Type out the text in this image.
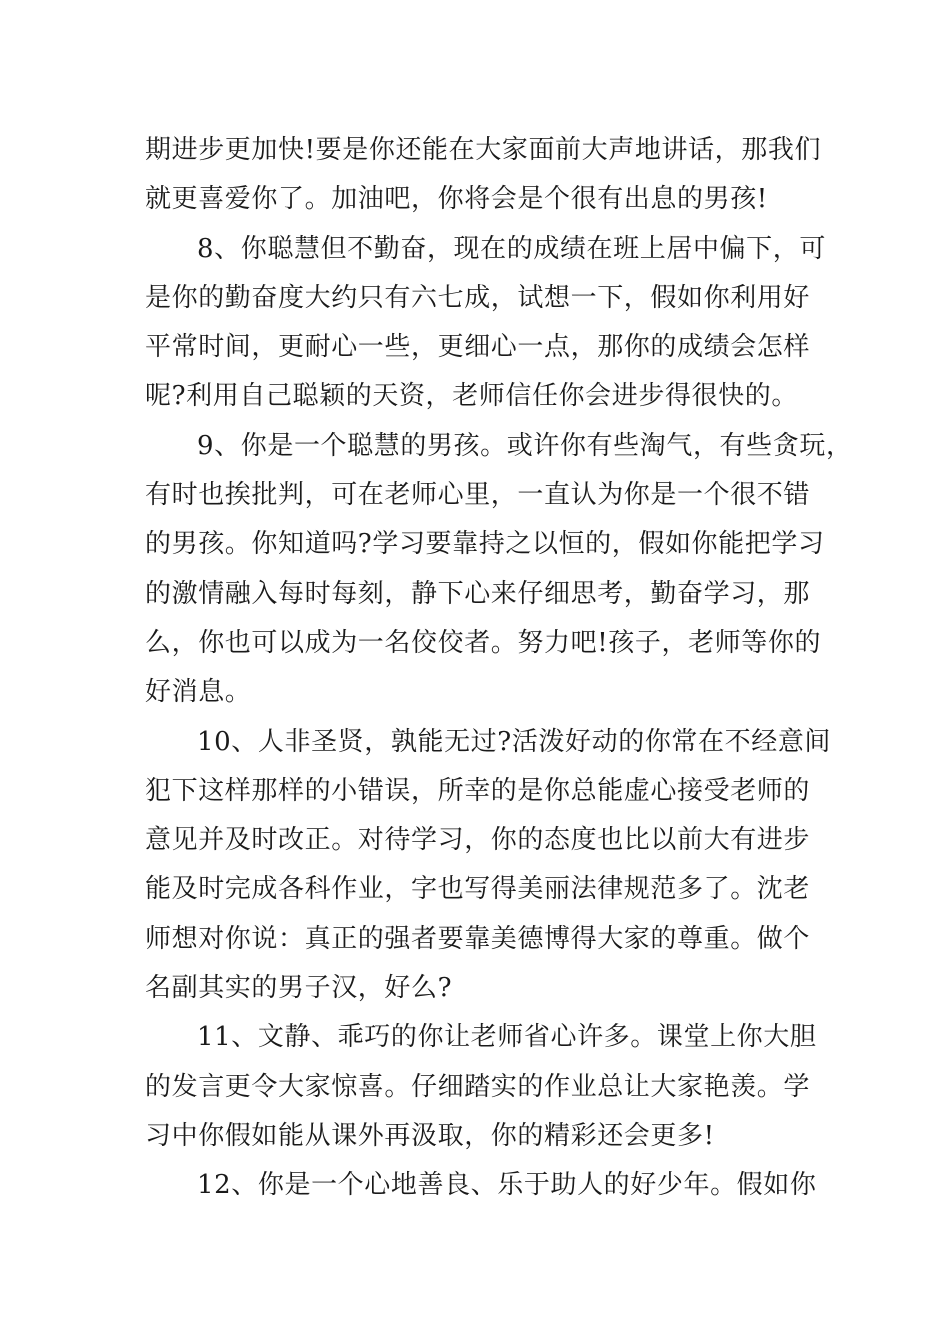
期进步更加快!要是你还能在大家面前大声地讲话，那我们
就更喜爱你了。加油吧，你将会是个很有出息的男孩!
8、你聪慧但不勤奋，现在的成绩在班上居中偏下，可
是你的勤奋度大约只有六七成，试想一下，假如你利用好
平常时间，更耐心一些，更细心一点，那你的成绩会怎样
呢?利用自己聪颖的天资，老师信任你会进步得很快的。
9、你是一个聪慧的男孩。或许你有些淘气，有些贪玩，
有时也挨批判，可在老师心里，一直认为你是一个很不错
的男孩。你知道吗?学习要靠持之以恒的，假如你能把学习
的激情融入每时每刻，静下心来仔细思考，勤奋学习，那
么，你也可以成为一名佼佼者。努力吧!孩子，老师等你的
好消息。
10、人非圣贤，孰能无过?活泼好动的你常在不经意间
犯下这样那样的小错误，所幸的是你总能虚心接受老师的
意见并及时改正。对待学习，你的态度也比以前大有进步
能及时完成各科作业，字也写得美丽法律规范多了。沈老
师想对你说：真正的强者要靠美德博得大家的尊重。做个
名副其实的男子汉，好么?
11、文静、乖巧的你让老师省心许多。课堂上你大胆
的发言更令大家惊喜。仔细踏实的作业总让大家艳羡。学
习中你假如能从课外再汲取，你的精彩还会更多!
12、你是一个心地善良、乐于助人的好少年。假如你
